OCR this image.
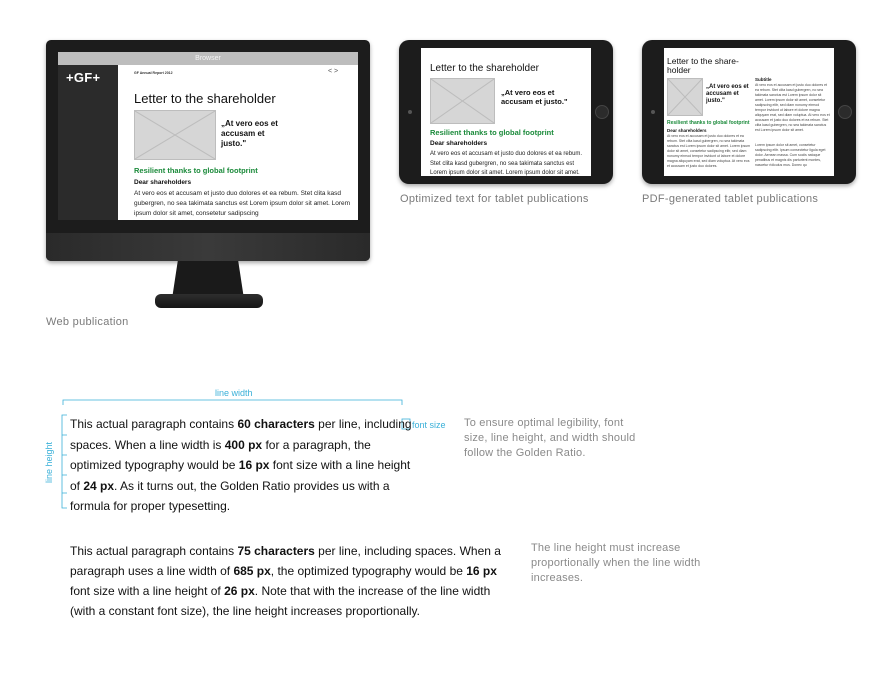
Browser
+GF+	GF Annual Report 2012	< >
Letter to the shareholder
„At vero eos et accusam et justo."
Resilient thanks to global footprint
Dear shareholders
At vero eos et accusam et justo duo dolores et ea rebum. Stet clita kasd gubergren, no sea takimata sanctus est Lorem ipsum dolor sit amet. Lorem ipsum dolor sit amet, consetetur sadipscing
Web publication
Letter to the shareholder
„At vero eos et accusam et justo."
Resilient thanks to global footprint
Dear shareholders
At vero eos et accusam et justo duo dolores et ea rebum. Stet clita kasd gubergren, no sea takimata sanctus est Lorem ipsum dolor sit amet. Lorem ipsum dolor sit amet.
Optimized text for tablet publications
Letter to the share-holder
„At vero eos et accusam et justo."
Resilient thanks to global footprint
Dear shareholders
At vero eos et accusam et justo duo dolores et ea rebum. Stet clita kasd gubergren, no sea takimata sanctus est Lorem ipsum dolor sit amet. Lorem ipsum dolor sit amet, consetetur sadipscing elitr, sed diam nonumy eirmod tempor invidunt ut labore et dolore magna aliquyam erat, sed diam voluptua. At vero eos et accusam et justo duo dolores.
Subtitle
At vero eos et accusam et justo duo dolores et ea rebum. Stet clita kasd gubergren, no sea takimata sanctus est Lorem ipsum dolor sit amet. Lorem ipsum dolor sit amet, consetetur sadipscing elitr, sed diam nonumy eirmod tempor invidunt ut labore et dolore magna aliquyam erat, sed diam voluptua. At vero eos et accusam et justo duo dolores et ea rebum. Stet clita kasd gubergren, no sea takimata sanctus est Lorem ipsum dolor sit amet.
Lorem ipsum dolor sit amet, consetetur sadipscing elitr. Ipsum consectetur ligula eget dolor. Aenean massa. Cum sociis natoque penatibus et magnis dis parturient montes, nascetur ridiculus mus. Donec qu
PDF-generated tablet publications
line width
font size
line height
This actual paragraph contains 60 characters per line, including spaces. When a line width is 400 px for a paragraph, the optimized typography would be 16 px font size with a line height of 24 px. As it turns out, the Golden Ratio provides us with a formula for proper typesetting.
To ensure optimal legibility, font size, line height, and width should follow the Golden Ratio.
This actual paragraph contains 75 characters per line, including spaces. When a paragraph uses a line width of 685 px, the optimized typography would be 16 px font size with a line height of 26 px. Note that with the increase of the line width (with a constant font size), the line height increases proportionally.
The line height must increase proportionally when the line width increases.
